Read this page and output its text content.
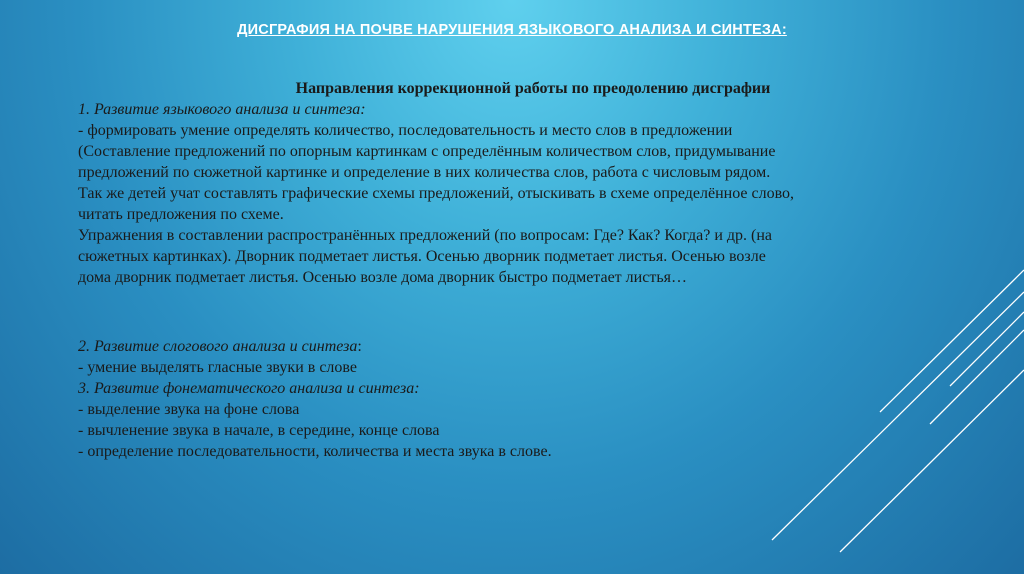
ДИСГРАФИЯ НА ПОЧВЕ НАРУШЕНИЯ ЯЗЫКОВОГО АНАЛИЗА И СИНТЕЗА:
Направления коррекционной работы по преодолению дисграфии
1. Развитие языкового анализа и синтеза:
- формировать умение определять количество, последовательность и место слов в предложении
(Составление предложений по опорным картинкам с определённым количеством слов, придумывание
предложений по сюжетной картинке и определение в них количества слов, работа с числовым рядом.
Так же детей учат составлять графические схемы предложений, отыскивать в схеме определённое слово,
читать предложения по схеме.
Упражнения в составлении распространённых предложений (по вопросам: Где? Как? Когда? и др. (на
сюжетных картинках). Дворник подметает листья. Осенью дворник подметает листья. Осенью возле
дома дворник подметает листья. Осенью возле дома дворник быстро подметает листья…
2. Развитие слогового анализа и синтеза:
- умение выделять гласные звуки в слове
3. Развитие фонематического анализа и синтеза:
- выделение звука на фоне слова
- вычленение звука в начале, в середине, конце слова
- определение последовательности, количества и места звука в слове.
